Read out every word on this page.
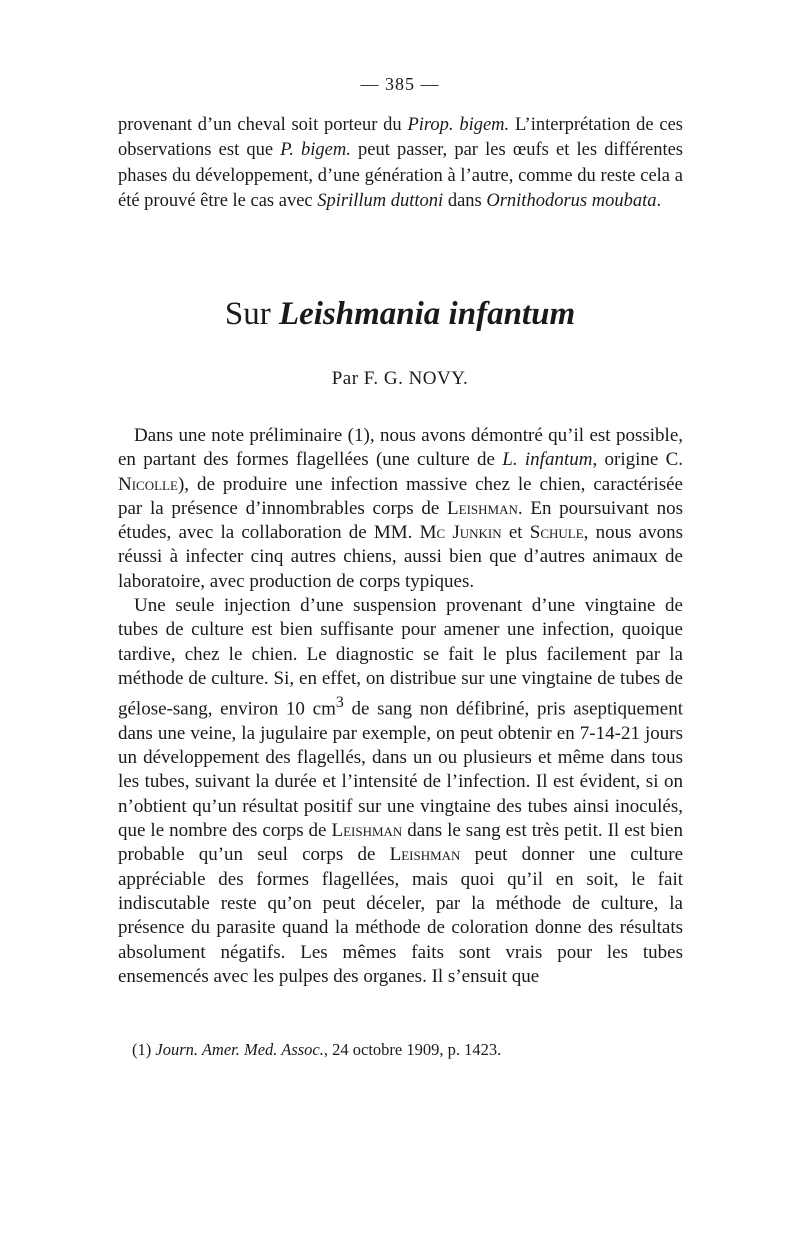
— 385 —

provenant d’un cheval soit porteur du Pirop. bigem. L’interprétation de ces observations est que P. bigem. peut passer, par les œufs et les différentes phases du développement, d’une génération à l’autre, comme du reste cela a été prouvé être le cas avec Spirillum duttoni dans Ornithodorus moubata.

Sur Leishmania infantum
Par F. G. NOVY.

Dans une note préliminaire (1), nous avons démontré qu’il est possible, en partant des formes flagellées (une culture de L. infantum, origine C. Nicolle), de produire une infection massive chez le chien, caractérisée par la présence d’innombrables corps de Leishman. En poursuivant nos études, avec la collaboration de MM. Mc Junkin et Schule, nous avons réussi à infecter cinq autres chiens, aussi bien que d’autres animaux de laboratoire, avec production de corps typiques.

Une seule injection d’une suspension provenant d’une vingtaine de tubes de culture est bien suffisante pour amener une infection, quoique tardive, chez le chien. Le diagnostic se fait le plus facilement par la méthode de culture. Si, en effet, on distribue sur une vingtaine de tubes de gélose-sang, environ 10 $cm^3$ de sang non défibriné, pris aseptiquement dans une veine, la jugulaire par exemple, on peut obtenir en 7-14-21 jours un développement des flagellés, dans un ou plusieurs et même dans tous les tubes, suivant la durée et l’intensité de l’infection. Il est évident, si on n’obtient qu’un résultat positif sur une vingtaine des tubes ainsi inoculés, que le nombre des corps de Leishman dans le sang est très petit. Il est bien probable qu’un seul corps de Leishman peut donner une culture appréciable des formes flagellées, mais quoi qu’il en soit, le fait indiscutable reste qu’on peut déceler, par la méthode de culture, la présence du parasite quand la méthode de coloration donne des résultats absolument négatifs. Les mêmes faits sont vrais pour les tubes ensemencés avec les pulpes des organes. Il s’ensuit que

(1) Journ. Amer. Med. Assoc., 24 octobre 1909, p. 1423.
